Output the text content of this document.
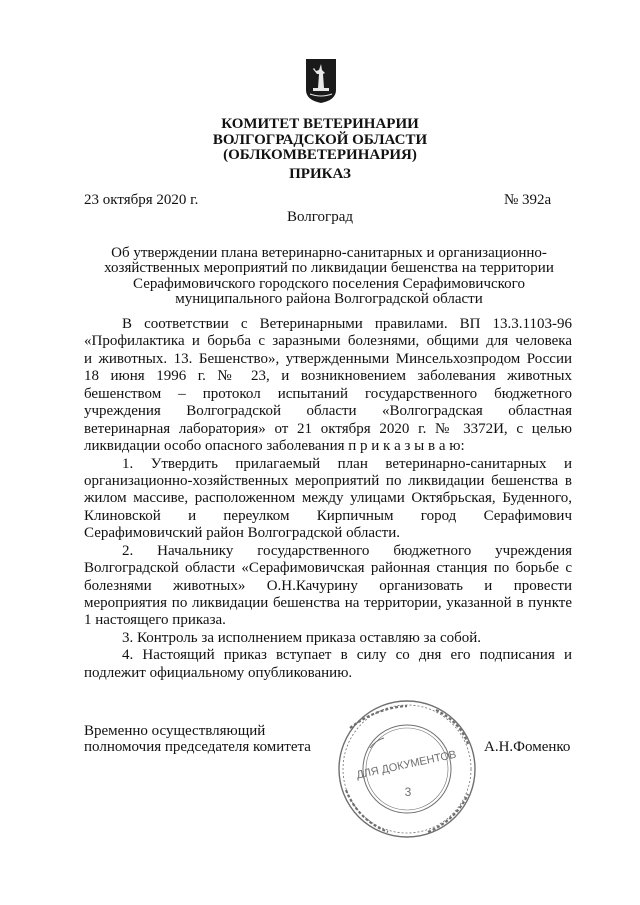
КОМИТЕТ ВЕТЕРИНАРИИ
ВОЛГОГРАДСКОЙ ОБЛАСТИ
(ОБЛКОМВЕТЕРИНАРИЯ)
ПРИКАЗ
23 октября 2020 г.	№ 392а
Волгоград
Об утверждении плана ветеринарно-санитарных и организационно-
хозяйственных мероприятий по ликвидации бешенства на территории
Серафимовичского городского поселения Серафимовичского
муниципального района Волгоградской области
В соответствии с Ветеринарными правилами. ВП 13.3.1103-96
«Профилактика и борьба с заразными болезнями, общими для человека
и животных. 13. Бешенство», утвержденными Минсельхозпродом России
18 июня 1996 г. № 23, и возникновением заболевания животных
бешенством – протокол испытаний государственного бюджетного
учреждения Волгоградской области «Волгоградская областная
ветеринарная лаборатория» от 21 октября 2020 г. № 3372И, с целью
ликвидации особо опасного заболевания п р и к а з ы в а ю:
1. Утвердить прилагаемый план ветеринарно-санитарных и
организационно-хозяйственных мероприятий по ликвидации бешенства в
жилом массиве, расположенном между улицами Октябрьская, Буденного,
Клиновской и переулком Кирпичным город Серафимович
Серафимовичский район Волгоградской области.
2. Начальнику государственного бюджетного учреждения
Волгоградской области «Серафимовичская районная станция по борьбе с
болезнями животных» О.Н.Качурину организовать и провести
мероприятия по ликвидации бешенства на территории, указанной в пункте
1 настоящего приказа.
3. Контроль за исполнением приказа оставляю за собой.
4. Настоящий приказ вступает в силу со дня его подписания и
подлежит официальному опубликованию.
Временно осуществляющий
полномочия председателя комитета
ДЛЯ ДОКУМЕНТОВ
3
А.Н.Фоменко
